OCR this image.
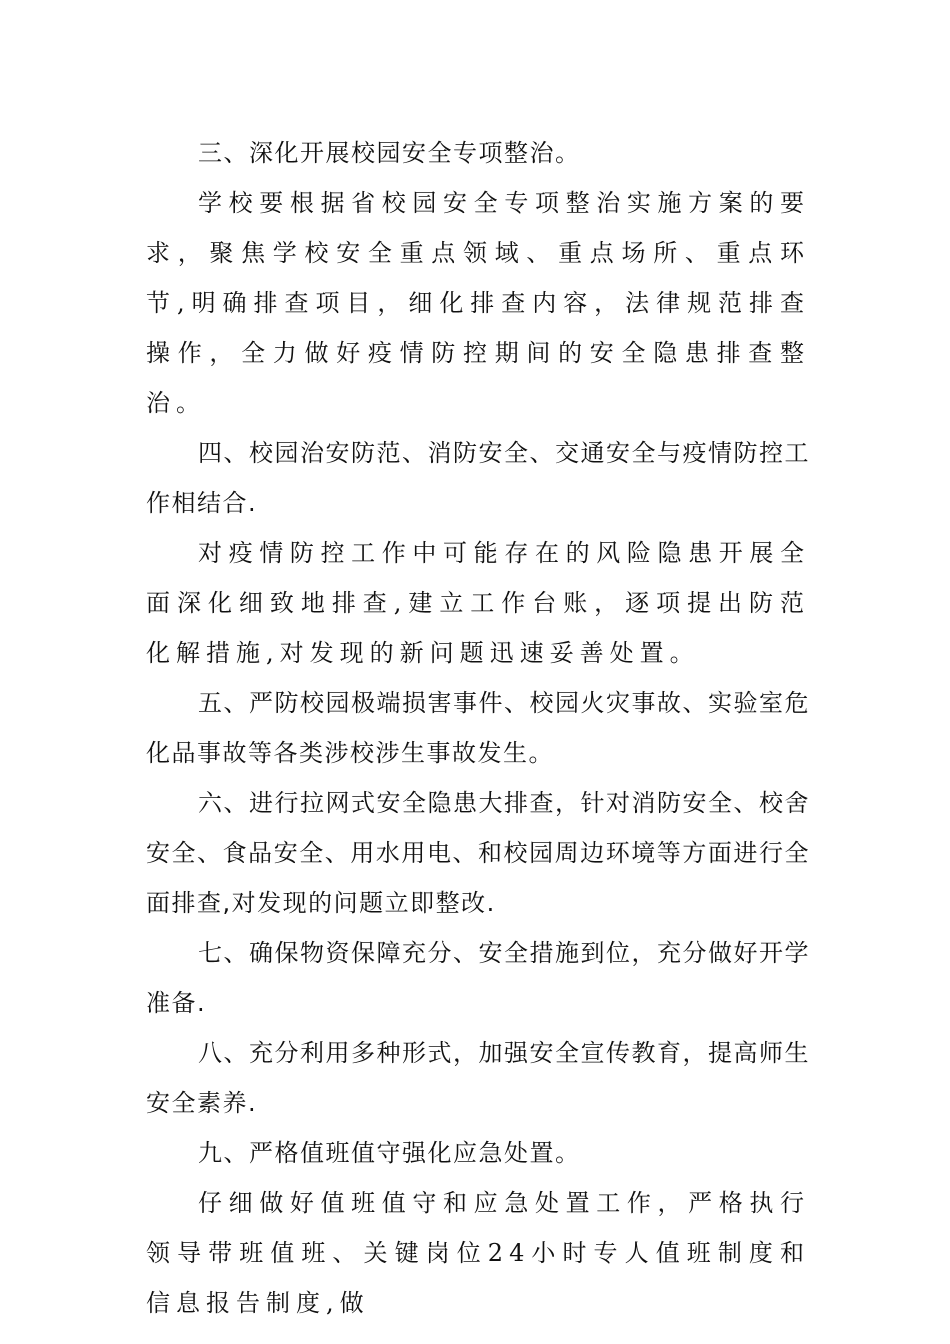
三、深化开展校园安全专项整治。

学校要根据省校园安全专项整治实施方案的要求，聚焦学校安全重点领域、重点场所、重点环节,明确排查项目，细化排查内容，法律规范排查操作，全力做好疫情防控期间的安全隐患排查整治。

四、校园治安防范、消防安全、交通安全与疫情防控工作相结合.

对疫情防控工作中可能存在的风险隐患开展全面深化细致地排查,建立工作台账，逐项提出防范化解措施,对发现的新问题迅速妥善处置。

五、严防校园极端损害事件、校园火灾事故、实验室危化品事故等各类涉校涉生事故发生。

六、进行拉网式安全隐患大排查，针对消防安全、校舍安全、食品安全、用水用电、和校园周边环境等方面进行全面排查,对发现的问题立即整改.

七、确保物资保障充分、安全措施到位，充分做好开学准备.

八、充分利用多种形式，加强安全宣传教育，提高师生安全素养.

九、严格值班值守强化应急处置。

仔细做好值班值守和应急处置工作，严格执行领导带班值班、关键岗位24小时专人值班制度和信息报告制度,做
